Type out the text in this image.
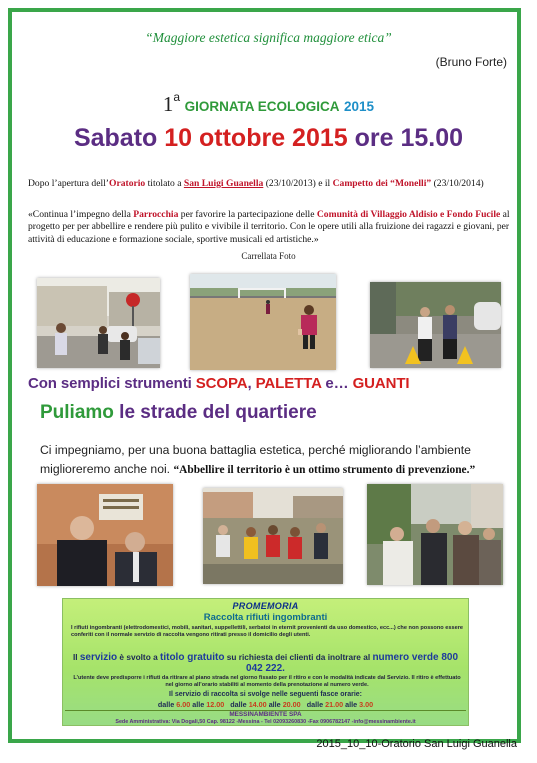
“Maggiore estetica significa maggiore etica”
(Bruno Forte)
1$^a$ GIORNATA ECOLOGICA 2015
Sabato 10 ottobre 2015 ore 15.00
Dopo l’apertura dell’Oratorio titolato a San Luigi Guanella (23/10/2013) e il Campetto dei “Monelli” (23/10/2014)
«Continua l’impegno della Parrocchia per favorire la partecipazione delle Comunità di Villaggio Aldisio e Fondo Fucile al progetto per per abbellire e rendere più pulito e vivibile il territorio. Con le opere utili alla fruizione dei ragazzi e giovani, per attività di educazione e formazione sociale, sportive musicali ed artistiche.»
Carrellata Foto
Con semplici strumenti SCOPA, PALETTA e… GUANTI
Puliamo le strade del quartiere
Ci impegniamo, per una buona battaglia estetica, perché migliorando l’ambiente miglioreremo anche noi. “Abbellire il territorio è un ottimo strumento di prevenzione.”
PROMEMORIA
Raccolta rifiuti ingombranti
I rifiuti ingombranti (elettrodomestici, mobili, sanitari, suppellettili, serbatoi in eternit provenienti da uso domestico, ecc...) che non possono essere conferiti con il normale servizio di raccolta vengono ritirati presso il domicilio degli utenti.
Il servizio è svolto a titolo gratuito su richiesta dei clienti da inoltrare al numero verde 800
042 222.
L’utente deve predisporre i rifiuti da ritirare al piano strada nel giorno fissato per il ritiro e con le modalità indicate dal Servizio. Il ritiro è effettuato nel giorno all’orario stabiliti al momento della prenotazione al numero verde.
Il servizio di raccolta si svolge nelle seguenti fasce orarie:
dalle 6.00 alle 12.00 dalle 14.00 alle 20.00 dalle 21.00 alle 3.00
MESSINAMBIENTE SPA
Sede Amministrativa: Via Dogali,50 Cap. 98122 -Messina - Tel 02093260830 -Fax 0906782147 -info@messinambiente.it
2015_10_10-Oratorio San Luigi Guanella
